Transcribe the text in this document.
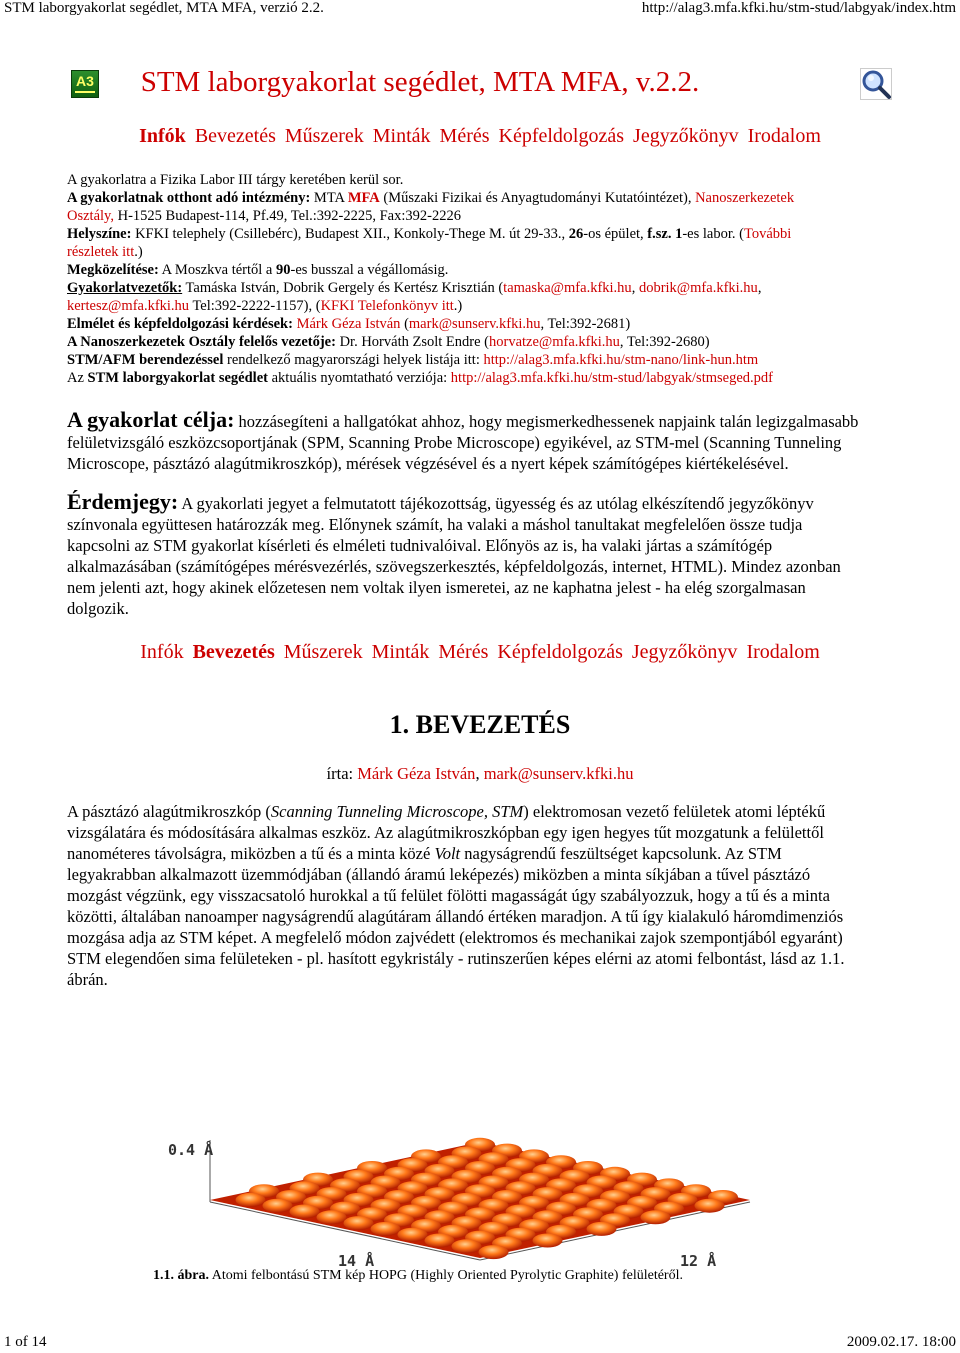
STM laborgyakorlat segédlet, MTA MFA, verzió 2.2.	http://alag3.mfa.kfki.hu/stm-stud/labgyak/index.htm
A3	STM laborgyakorlat segédlet, MTA MFA, v.2.2.
Infók Bevezetés Műszerek Minták Mérés Képfeldolgozás Jegyzőkönyv Irodalom
A gyakorlatra a Fizika Labor III tárgy keretében kerül sor.
A gyakorlatnak otthont adó intézmény: MTA MFA (Műszaki Fizikai és Anyagtudományi Kutatóintézet), Nanoszerkezetek
Osztály, H-1525 Budapest-114, Pf.49, Tel.:392-2225, Fax:392-2226
Helyszíne: KFKI telephely (Csillebérc), Budapest XII., Konkoly-Thege M. út 29-33., 26-os épület, f.sz. 1-es labor. (További
részletek itt.)
Megközelítése: A Moszkva tértől a 90-es busszal a végállomásig.
Gyakorlatvezetők: Tamáska István, Dobrik Gergely és Kertész Krisztián (tamaska@mfa.kfki.hu, dobrik@mfa.kfki.hu,
kertesz@mfa.kfki.hu Tel:392-2222-1157), (KFKI Telefonkönyv itt.)
Elmélet és képfeldolgozási kérdések: Márk Géza István (mark@sunserv.kfki.hu, Tel:392-2681)
A Nanoszerkezetek Osztály felelős vezetője: Dr. Horváth Zsolt Endre (horvatze@mfa.kfki.hu, Tel:392-2680)
STM/AFM berendezéssel rendelkező magyarországi helyek listája itt: http://alag3.mfa.kfki.hu/stm-nano/link-hun.htm
Az STM laborgyakorlat segédlet aktuális nyomtatható verziója: http://alag3.mfa.kfki.hu/stm-stud/labgyak/stmseged.pdf
A gyakorlat célja: hozzásegíteni a hallgatókat ahhoz, hogy megismerkedhessenek napjaink talán legizgalmasabb
felületvizsgáló eszközcsoportjának (SPM, Scanning Probe Microscope) egyikével, az STM-mel (Scanning Tunneling
Microscope, pásztázó alagútmikroszkóp), mérések végzésével és a nyert képek számítógépes kiértékelésével.
Érdemjegy: A gyakorlati jegyet a felmutatott tájékozottság, ügyesség és az utólag elkészítendő jegyzőkönyv
színvonala együttesen határozzák meg. Előnynek számít, ha valaki a máshol tanultakat megfelelően össze tudja
kapcsolni az STM gyakorlat kísérleti és elméleti tudnivalóival. Előnyös az is, ha valaki jártas a számítógép
alkalmazásában (számítógépes mérésvezérlés, szövegszerkesztés, képfeldolgozás, internet, HTML). Mindez azonban
nem jelenti azt, hogy akinek előzetesen nem voltak ilyen ismeretei, az ne kaphatna jelest - ha elég szorgalmasan
dolgozik.
Infók Bevezetés Műszerek Minták Mérés Képfeldolgozás Jegyzőkönyv Irodalom
1. BEVEZETÉS
írta: Márk Géza István, mark@sunserv.kfki.hu
A pásztázó alagútmikroszkóp (Scanning Tunneling Microscope, STM) elektromosan vezető felületek atomi léptékű
vizsgálatára és módosítására alkalmas eszköz. Az alagútmikroszkópban egy igen hegyes tűt mozgatunk a felülettől
nanométeres távolságra, miközben a tű és a minta közé Volt nagyságrendű feszültséget kapcsolunk. Az STM
legyakrabban alkalmazott üzemmódjában (állandó áramú leképezés) miközben a minta síkjában a tűvel pásztázó
mozgást végzünk, egy visszacsatoló hurokkal a tű felület fölötti magasságát úgy szabályozzuk, hogy a tű és a minta
közötti, általában nanoamper nagyságrendű alagútáram állandó értéken maradjon. A tű így kialakuló háromdimenziós
mozgása adja az STM képet. A megfelelő módon zajvédett (elektromos és mechanikai zajok szempontjából egyaránt)
STM elegendően sima felületeken - pl. hasított egykristály - rutinszerűen képes elérni az atomi felbontást, lásd az 1.1.
ábrán.
0.4 Å
14 Å	12 Å
1.1. ábra. Atomi felbontású STM kép HOPG (Highly Oriented Pyrolytic Graphite) felületéről.
1 of 14	2009.02.17. 18:00
